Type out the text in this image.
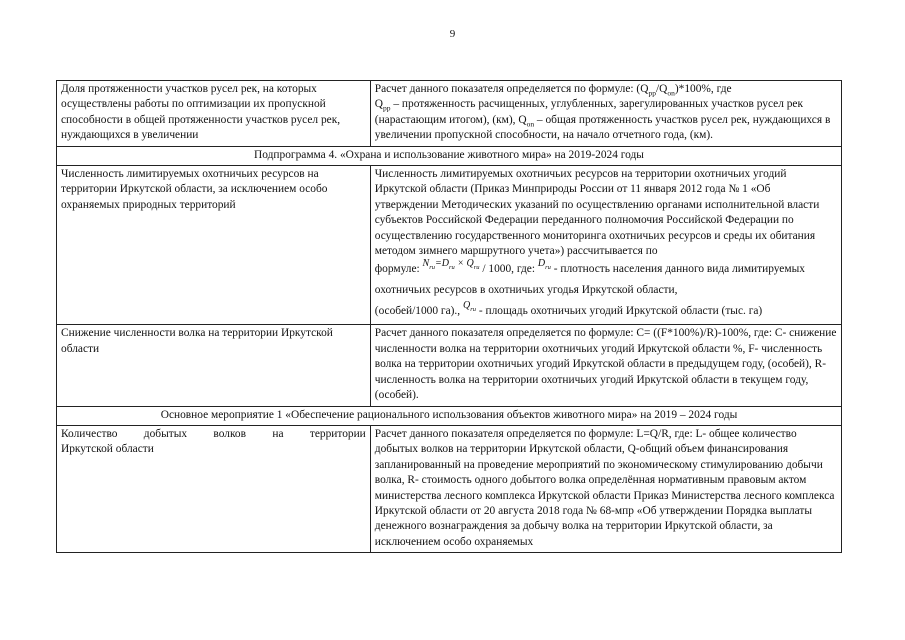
9
Доля протяженности участков русел рек, на которых осуществлены работы по оптимизации их пропускной способности в общей протяженности участков русел рек, нуждающихся в увеличении	Расчет данного показателя определяется по формуле: $(Q_{pp}/Q_{on})*100\%$, где
$Q_{pp}$ – протяженность расчищенных, углубленных, зарегулированных участков русел рек (нарастающим итогом), (км), $Q_{on}$ – общая протяженность участков русел рек, нуждающихся в увеличении пропускной способности, на начало отчетного года, (км).
Подпрограмма 4. «Охрана и использование животного мира» на 2019-2024 годы	
Численность лимитируемых охотничьих ресурсов на территории Иркутской области, за исключением особо охраняемых природных территорий	Численность лимитируемых охотничьих ресурсов на территории охотничьих угодий Иркутской области (Приказ Минприроды России от 11 января 2012 года № 1 «Об утверждении Методических указаний по осуществлению органами исполнительной власти субъектов Российской Федерации переданного полномочия Российской Федерации по осуществлению государственного мониторинга охотничьих ресурсов и среды их обитания методом зимнего маршрутного учета») рассчитывается по
формуле: $N_{ru}=D_{ru} \times Q_{ru} / 1000$, где: $D_{ru}$ - плотность населения данного вида лимитируемых охотничьих ресурсов в охотничьих угодья Иркутской области,
(особей/1000 га)., $Q_{ru}$ - площадь охотничьих угодий Иркутской области (тыс. га)

Снижение численности волка на территории Иркутской области	Расчет данного показателя определяется по формуле: С= ((F*100%)/R)-100%, где: С- снижение численности волка на территории охотничьих угодий Иркутской области %, F- численность волка на территории охотничьих угодий Иркутской области в предыдущем году, (особей), R- численность волка на территории охотничьих угодий Иркутской области в текущем году, (особей).
Основное мероприятие 1 «Обеспечение рационального использования объектов животного мира» на 2019 – 2024 годы	

Количество добытых волков на территории
Иркутской области	Расчет данного показателя определяется по формуле: L=Q/R, где: L- общее количество добытых волков на территории Иркутской области, Q-общий объем финансирования запланированный на проведение мероприятий по экономическому стимулированию добычи волка, R- стоимость одного добытого волка определённая нормативным правовым актом министерства лесного комплекса Иркутской области Приказ Министерства лесного комплекса Иркутской области от 20 августа 2018 года № 68-мпр «Об утверждении Порядка выплаты денежного вознаграждения за добычу волка на территории Иркутской области, за исключением особо охраняемых
